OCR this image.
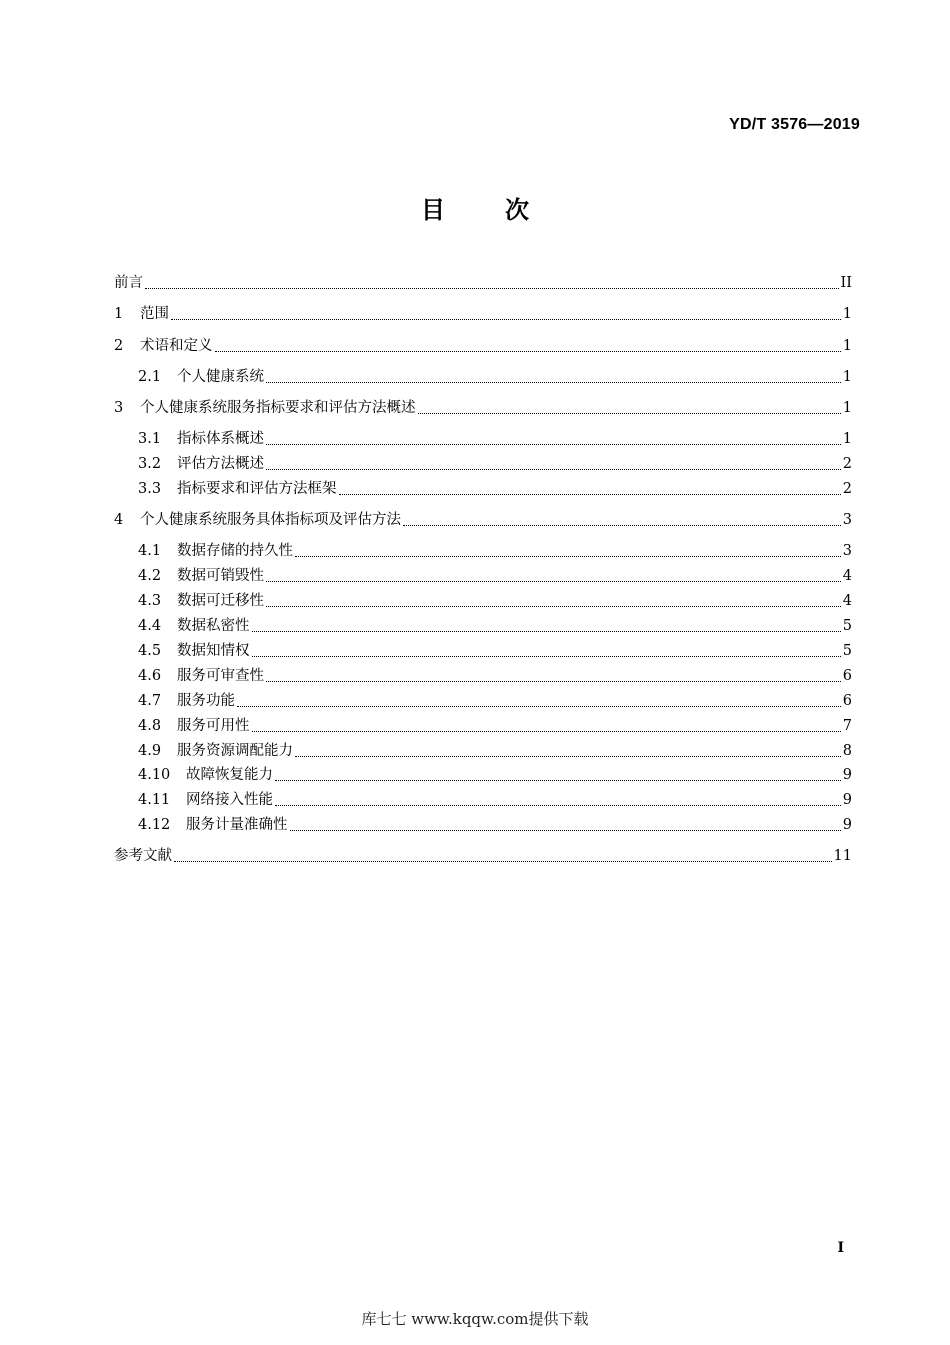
YD/T 3576—2019
目	次
前言	II
1	范围	1
2	术语和定义	1
2.1	个人健康系统	1
3	个人健康系统服务指标要求和评估方法概述	1
3.1	指标体系概述	1
3.2	评估方法概述	2
3.3	指标要求和评估方法框架	2
4	个人健康系统服务具体指标项及评估方法	3
4.1	数据存储的持久性	3
4.2	数据可销毁性	4
4.3	数据可迁移性	4
4.4	数据私密性	5
4.5	数据知情权	5
4.6	服务可审查性	6
4.7	服务功能	6
4.8	服务可用性	7
4.9	服务资源调配能力	8
4.10	故障恢复能力	9
4.11	网络接入性能	9
4.12	服务计量准确性	9
参考文献	11
I
库七七 www.kqqw.com提供下载
